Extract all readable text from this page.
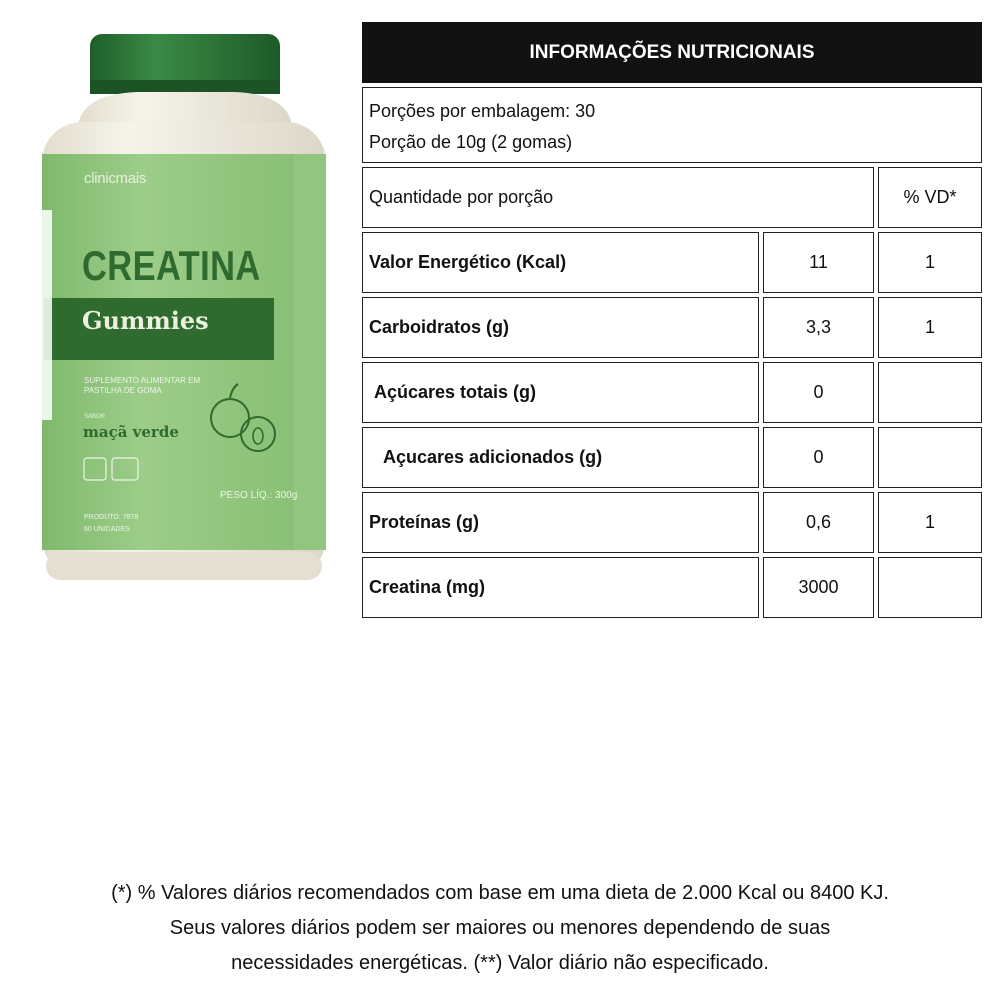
clinicmais
CREATINA
Gummies
SUPLEMENTO ALIMENTAR EM PASTILHA DE GOMA
SABOR
maçã verde
PESO LÍQ.: 300g
PRODUTO: 7878
60 UNIDADES
INFORMAÇÕES NUTRICIONAIS
Porções por embalagem: 30
Porção de 10g (2 gomas)
Quantidade por porção	% VD*
Valor Energético (Kcal)	11	1
Carboidratos (g)	3,3	1
Açúcares totais (g)	0
Açucares adicionados (g)	0
Proteínas (g)	0,6	1
Creatina (mg)	3000
(*) % Valores diários recomendados com base em uma dieta de 2.000 Kcal ou 8400 KJ.
Seus valores diários podem ser maiores ou menores dependendo de suas
necessidades energéticas. (**) Valor diário não especificado.
